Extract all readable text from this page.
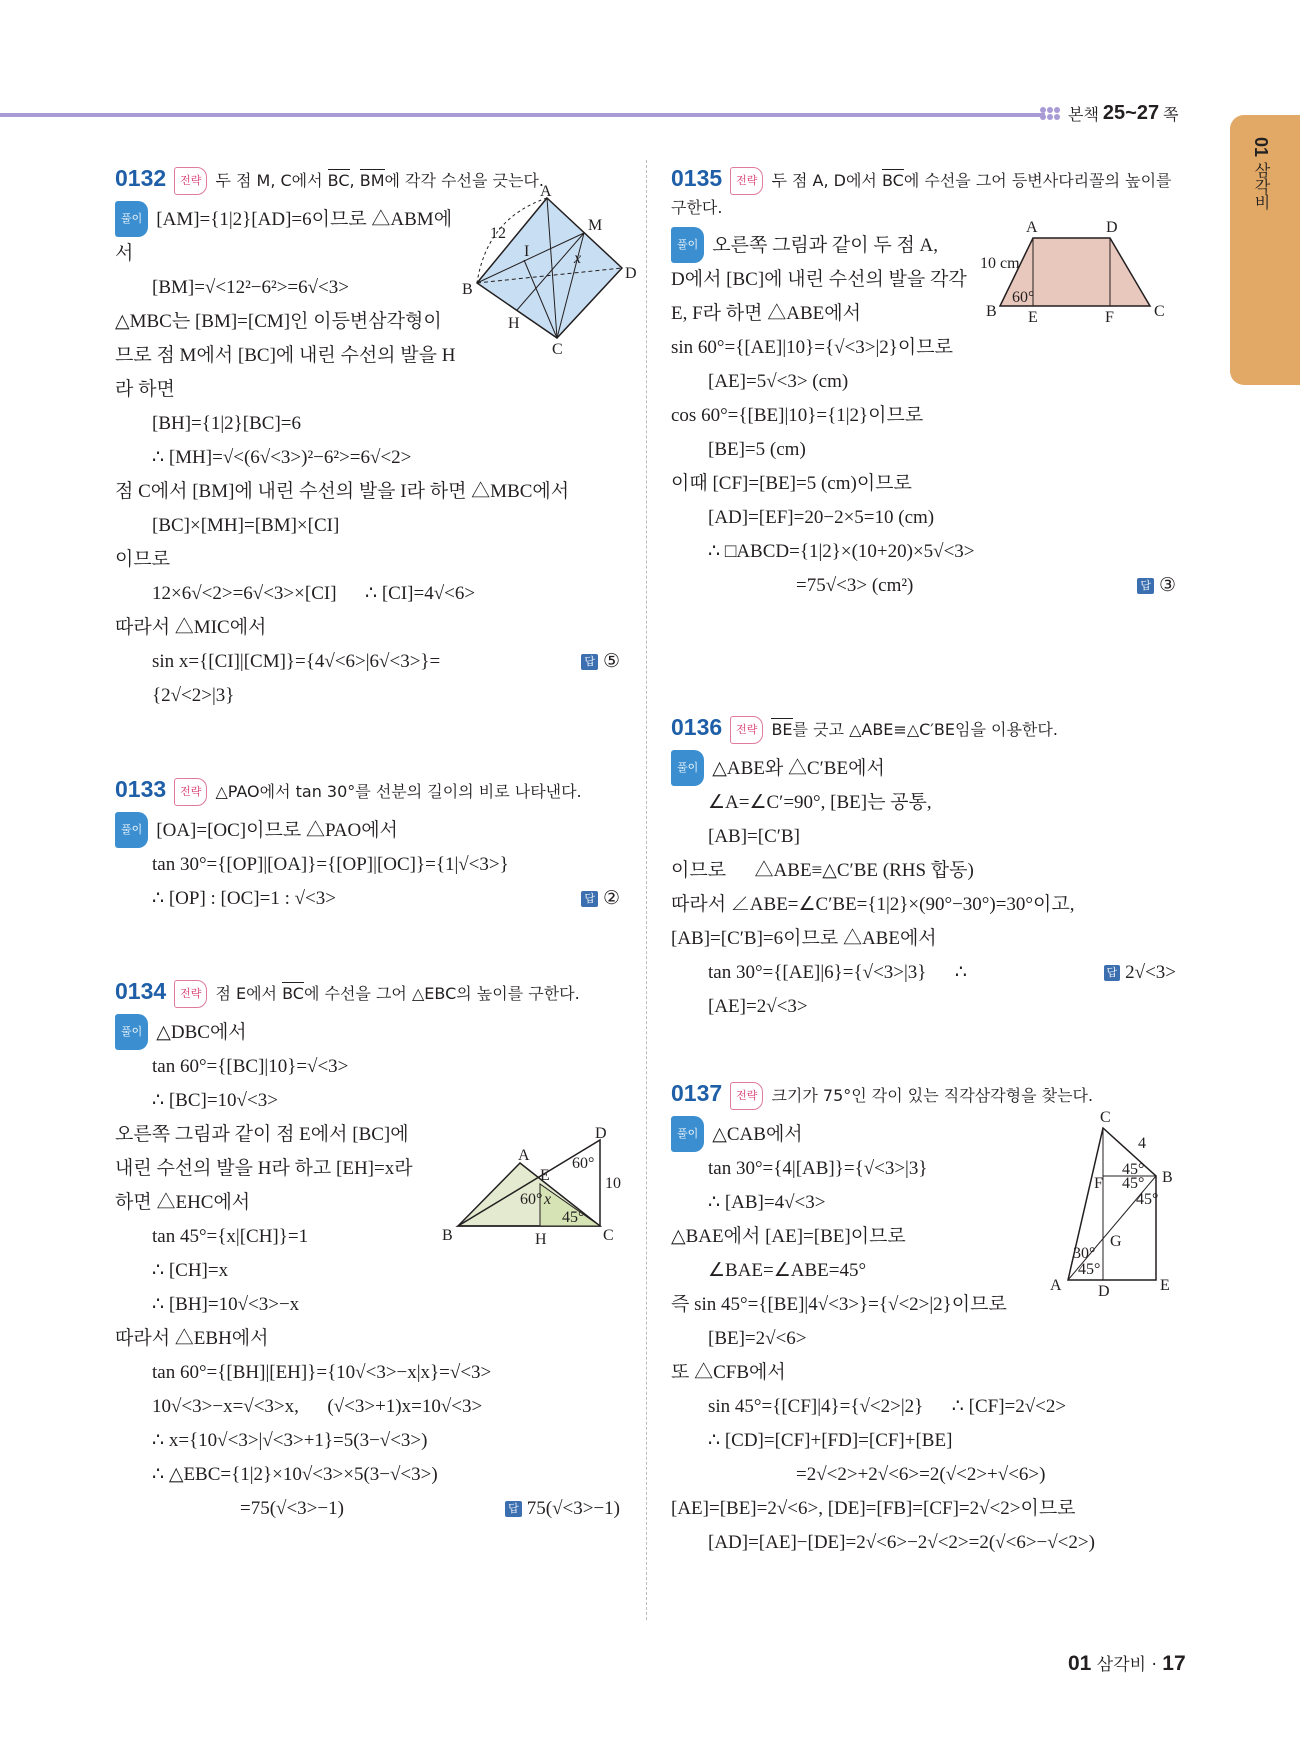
본책 25~27 쪽
01 삼각비
0132 전략 두 점 M, C에서 BC, BM에 각각 수선을 긋는다.
풀이 [AM]={1|2}[AD]=6이므로 △ABM에
서
[BM]=√<12²−6²>=6√<3>
△MBC는 [BM]=[CM]인 이등변삼각형이
므로 점 M에서 [BC]에 내린 수선의 발을 H
라 하면
[BH]={1|2}[BC]=6
∴ [MH]=√<(6√<3>)²−6²>=6√<2>
점 C에서 [BM]에 내린 수선의 발을 I라 하면 △MBC에서
[BC]×[MH]=[BM]×[CI]
이므로
12×6√<2>=6√<3>×[CI]      ∴ [CI]=4√<6>
따라서 △MIC에서
sin x={[CI]|[CM]}={4√<6>|6√<3>}={2√<2>|3}
답 ⑤
0133 전략 △PAO에서 tan 30°를 선분의 길이의 비로 나타낸다.
풀이 [OA]=[OC]이므로 △PAO에서
tan 30°={[OP]|[OA]}={[OP]|[OC]}={1|√<3>}
∴ [OP] : [OC]=1 : √<3>	답 ②
0134 전략 점 E에서 BC에 수선을 그어 △EBC의 높이를 구한다.
풀이 △DBC에서
tan 60°={[BC]|10}=√<3>
∴ [BC]=10√<3>
오른쪽 그림과 같이 점 E에서 [BC]에
내린 수선의 발을 H라 하고 [EH]=x라
하면 △EHC에서
tan 45°={x|[CH]}=1
∴ [CH]=x
∴ [BH]=10√<3>−x
따라서 △EBH에서
tan 60°={[BH]|[EH]}={10√<3>−x|x}=√<3>
10√<3>−x=√<3>x,      (√<3>+1)x=10√<3>
∴ x={10√<3>|√<3>+1}=5(3−√<3>)
∴ △EBC={1|2}×10√<3>×5(3−√<3>)
=75(√<3>−1)	답 75(√<3>−1)
0135 전략 두 점 A, D에서 BC에 수선을 그어 등변사다리꼴의 높이를 구한다.
풀이 오른쪽 그림과 같이 두 점 A,
D에서 [BC]에 내린 수선의 발을 각각
E, F라 하면 △ABE에서
sin 60°={[AE]|10}={√<3>|2}이므로
[AE]=5√<3> (cm)
cos 60°={[BE]|10}={1|2}이므로
[BE]=5 (cm)
이때 [CF]=[BE]=5 (cm)이므로
[AD]=[EF]=20−2×5=10 (cm)
∴ □ABCD={1|2}×(10+20)×5√<3>
=75√<3> (cm²)	답 ③
0136 전략 BE를 긋고 △ABE≡△C′BE임을 이용한다.
풀이 △ABE와 △C′BE에서
∠A=∠C′=90°, [BE]는 공통,
[AB]=[C′B]
이므로      △ABE≡△C′BE (RHS 합동)
따라서 ∠ABE=∠C′BE={1|2}×(90°−30°)=30°이고,
[AB]=[C′B]=6이므로 △ABE에서
tan 30°={[AE]|6}={√<3>|3}      ∴ [AE]=2√<3>
답 2√<3>
0137 전략 크기가 75°인 각이 있는 직각삼각형을 찾는다.
풀이 △CAB에서
tan 30°={4|[AB]}={√<3>|3}
∴ [AB]=4√<3>
△BAE에서 [AE]=[BE]이므로
∠BAE=∠ABE=45°
즉 sin 45°={[BE]|4√<3>}={√<2>|2}이므로
[BE]=2√<6>
또 △CFB에서
sin 45°={[CF]|4}={√<2>|2}      ∴ [CF]=2√<2>
∴ [CD]=[CF]+[FD]=[CF]+[BE]
=2√<2>+2√<6>=2(√<2>+√<6>)
[AE]=[BE]=2√<6>, [DE]=[FB]=[CF]=2√<2>이므로
[AD]=[AE]−[DE]=2√<6>−2√<2>=2(√<6>−√<2>)
A
M
12
I	x
D
B
H
C
A
D
E
60°
10
60° x
45°
B	H	C
A	D
10 cm
60°
B E	F	C
C
4
F
45° B
45°
45°
G
30°
45°
A D	E
01 삼각비 · 17
